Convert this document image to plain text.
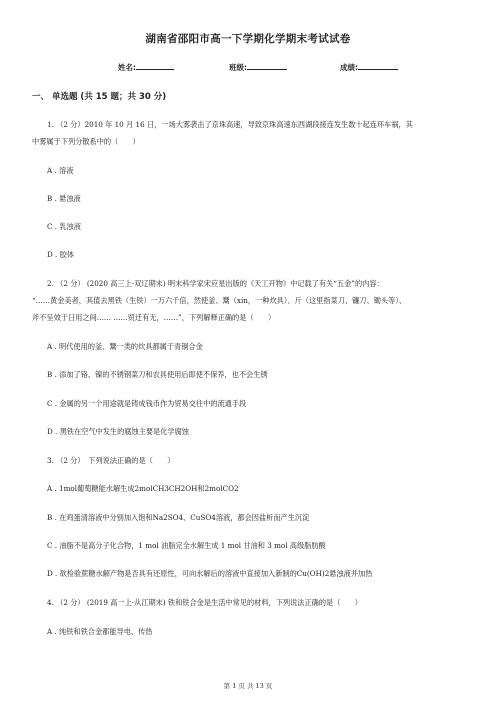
湖南省邵阳市高一下学期化学期末考试试卷
姓名:	班级:	成绩:
一、 单选题 (共 15 题；共 30 分)
1. （2 分）2010 年 10 月 16 日，一场大雾袭击了京珠高速，导致京珠高速东西湖段接连发生数十起连环车祸，其
中雾属于下列分散系中的（　　）
A . 溶液
B . 悬浊液
C . 乳浊液
D . 胶体
2. （2 分） (2020 高三上·双辽期末) 明末科学家宋应星出版的《天工开物》中记载了有关“五金”的内容：
“……黄金美者，其值去黑铁（生铁）一万六千倍，然使釜、鬵（xín，一种炊具）、斤（这里指菜刀、镰刀、锄头等）、
斧不呈效于日用之间…… ……贸迁有无，……”，下列解释正确的是（　　）
A . 明代使用的釜、鬵一类的炊具都属于青铜合金
B . 添加了铬、镍的不锈钢菜刀和农具使用后即使不保养，也不会生锈
C . 金属的另一个用途就是铸成钱币作为贸易交往中的流通手段
D . 黑铁在空气中发生的腐蚀主要是化学腐蚀
3. （2 分）　下列说法正确的是（　　）
A . 1mol葡萄糖能水解生成2molCH3CH2OH和2molCO2
B . 在鸡蛋清溶液中分别加入饱和Na2SO4、CuSO4溶液，都会因盐析而产生沉淀
C . 油脂不是高分子化合物，1 mol 油脂完全水解生成 1 mol 甘油和 3 mol 高级脂肪酸
D . 欲检验蔗糖水解产物是否具有还原性，可向水解后的溶液中直接加入新制的Cu(OH)2悬浊液并加热
4. （2 分） (2019 高一上·从江期末) 铁和铁合金是生活中常见的材料，下列说法正确的是（　　）
A . 纯铁和铁合金都能导电、传热
第 1 页 共 13 页
